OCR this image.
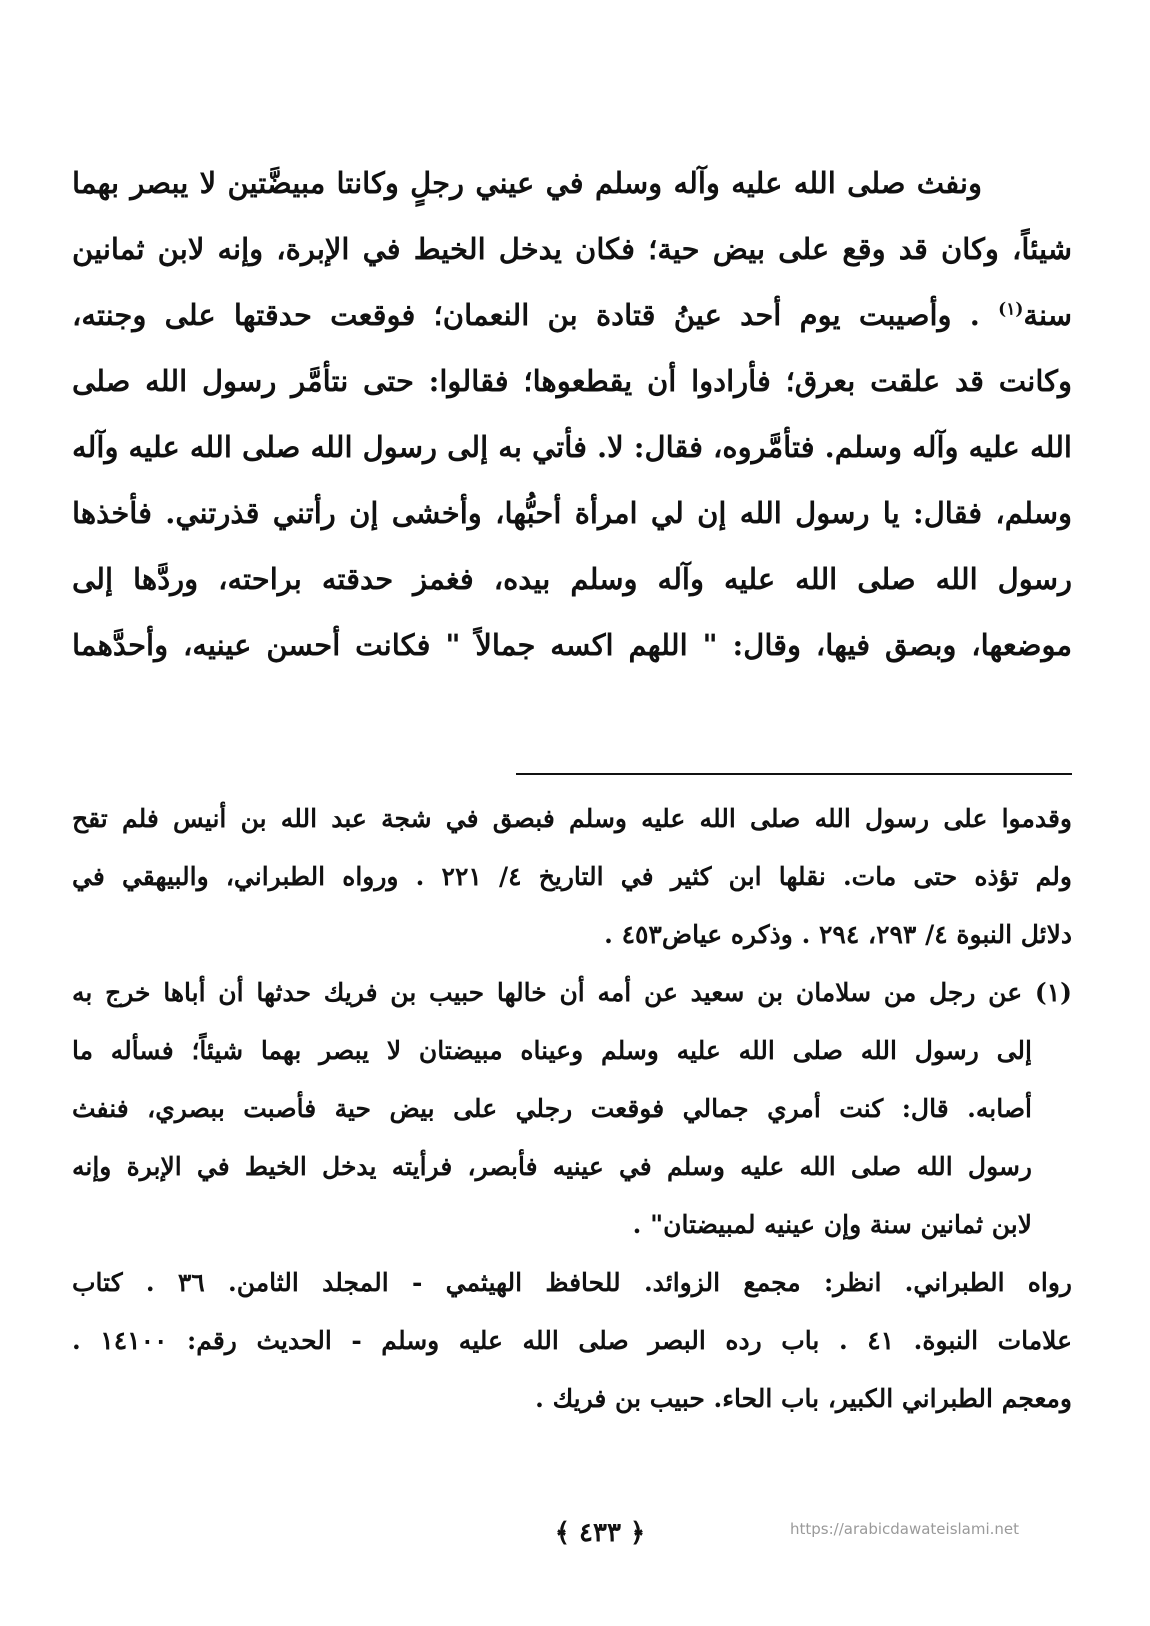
ونفث صلى الله عليه وآله وسلم في عيني رجلٍ وكانتا مبيضَّتين لا يبصر بهما
شيئاً، وكان قد وقع على بيض حية؛ فكان يدخل الخيط في الإبرة، وإنه لابن ثمانين
سنة$^{(١)}$ . وأصيبت يوم أحد عينُ قتادة بن النعمان؛ فوقعت حدقتها على وجنته،
وكانت قد علقت بعرق؛ فأرادوا أن يقطعوها؛ فقالوا: حتى نتأمَّر رسول الله صلى
الله عليه وآله وسلم. فتأمَّروه، فقال: لا. فأتي به إلى رسول الله صلى الله عليه وآله
وسلم، فقال: يا رسول الله إن لي امرأة أحبُّها، وأخشى إن رأتني قذرتني. فأخذها
رسول الله صلى الله عليه وآله وسلم بيده، فغمز حدقته براحته، وردَّها إلى
موضعها، وبصق فيها، وقال: " اللهم اكسه جمالاً " فكانت أحسن عينيه، وأحدَّهما
وقدموا على رسول الله صلى الله عليه وسلم فبصق في شجة عبد الله بن أنيس فلم تقح
ولم تؤذه حتى مات. نقلها ابن كثير في التاريخ ٤/ ٢٢١ . ورواه الطبراني، والبيهقي في
دلائل النبوة ٤/ ٢٩٣، ٢٩٤ . وذكره عياض٤٥٣ .
(١) عن رجل من سلامان بن سعيد عن أمه أن خالها حبيب بن فريك حدثها أن أباها خرج به
إلى رسول الله صلى الله عليه وسلم وعيناه مبيضتان لا يبصر بهما شيئاً؛ فسأله ما
أصابه. قال: كنت أمري جمالي فوقعت رجلي على بيض حية فأصبت ببصري، فنفث
رسول الله صلى الله عليه وسلم في عينيه فأبصر، فرأيته يدخل الخيط في الإبرة وإنه
لابن ثمانين سنة وإن عينيه لمبيضتان" .
رواه الطبراني. انظر: مجمع الزوائد. للحافظ الهيثمي - المجلد الثامن. ٣٦ . كتاب
علامات النبوة. ٤١ . باب رده البصر صلى الله عليه وسلم - الحديث رقم: ١٤١٠٠ .
ومعجم الطبراني الكبير، باب الحاء. حبيب بن فريك .
﴿ ٤٣٣ ﴾	https://arabicdawateislami.net
